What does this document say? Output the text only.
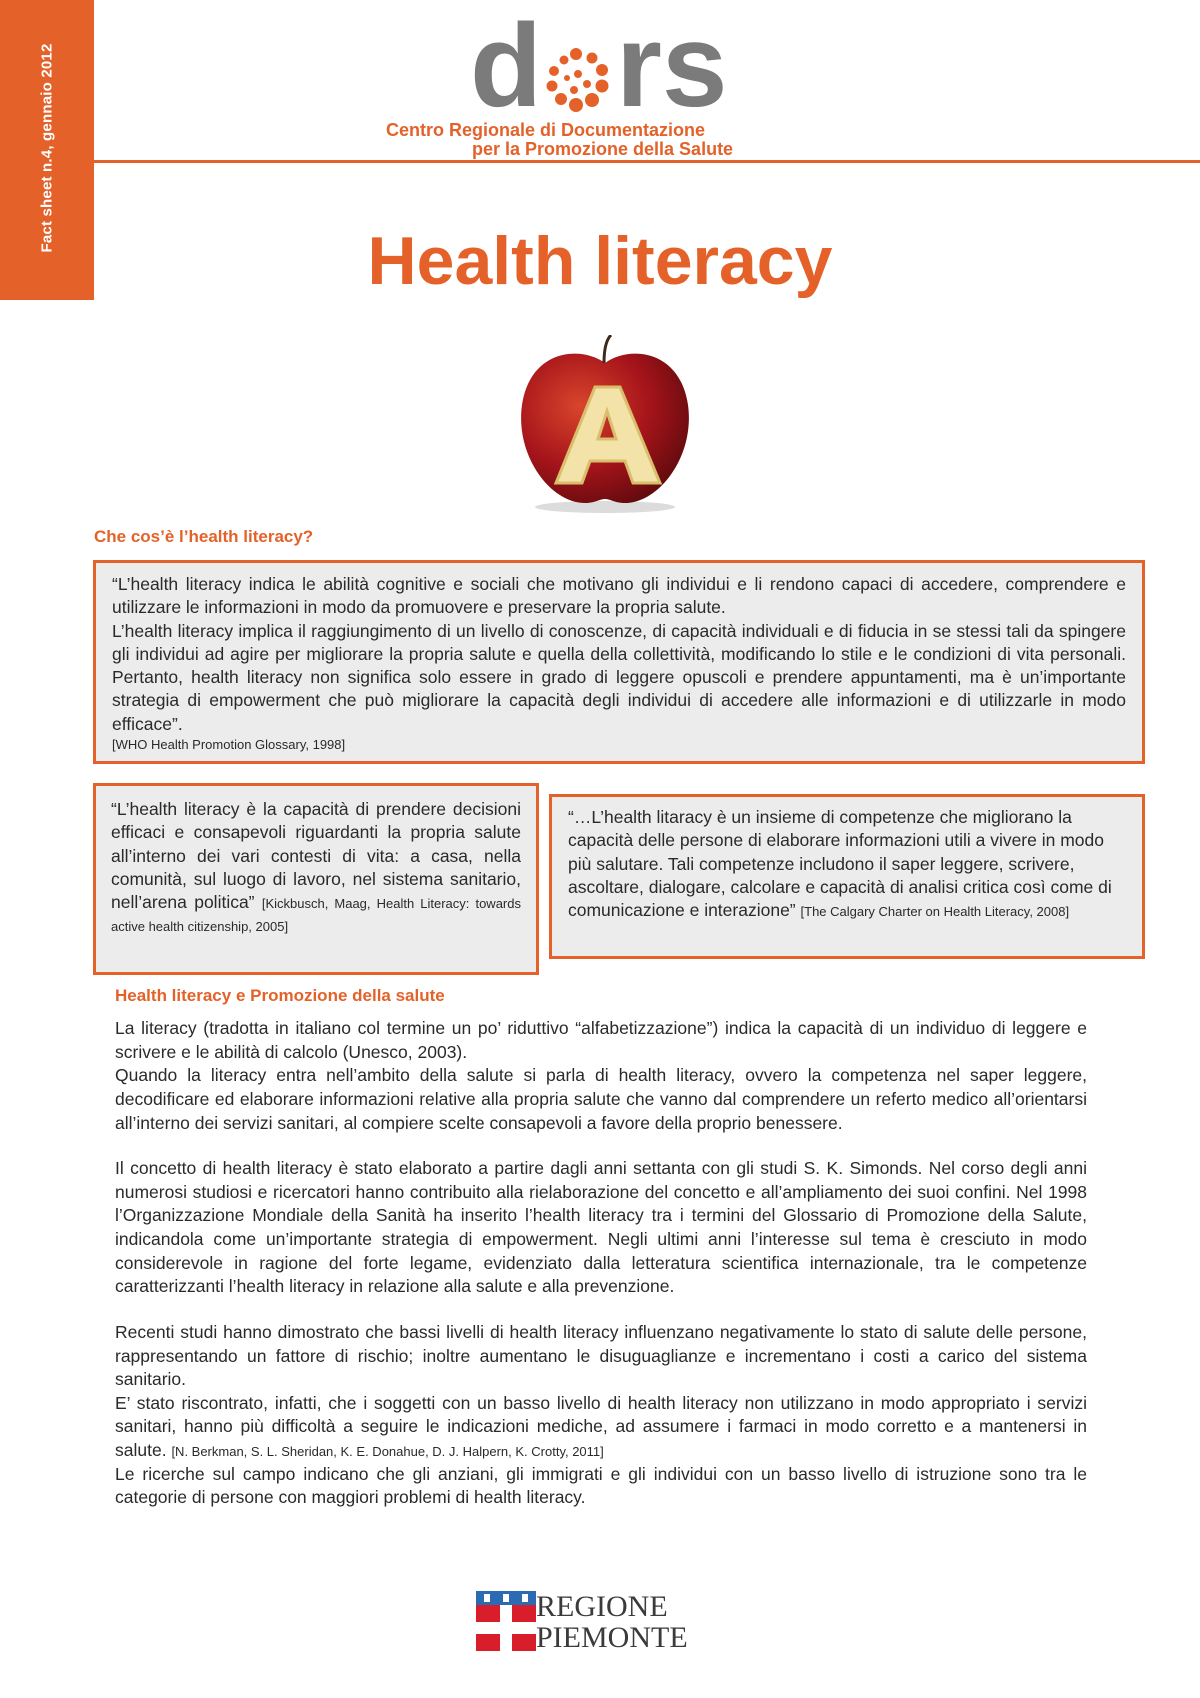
Fact sheet n.4, gennaio 2012	d rs
Centro Regionale di Documentazione
per la Promozione della Salute
Health literacy
Che cos’è l’health literacy?

“L’health literacy indica le abilità cognitive e sociali che motivano gli individui e li rendono capaci di accedere, comprendere e utilizzare le informazioni in modo da promuovere e preservare la propria salute.

L’health literacy implica il raggiungimento di un livello di conoscenze, di capacità individuali e di fiducia in se stessi tali da spingere gli individui ad agire per migliorare la propria salute e quella della collettività, modificando lo stile e le condizioni di vita personali. Pertanto, health literacy non significa solo essere in grado di leggere opuscoli e prendere appuntamenti, ma è un’importante strategia di empowerment che può migliorare la capacità degli individui di accedere alle informazioni e di utilizzarle in modo efficace”.

[WHO Health Promotion Glossary, 1998]

“L’health literacy è la capacità di prendere decisioni efficaci e consapevoli riguardanti la propria salute all’interno dei vari contesti di vita: a casa, nella comunità, sul luogo di lavoro, nel sistema sanitario, nell’arena politica” [Kickbusch, Maag, Health Literacy: towards active health citizenship, 2005]

“…L’health litaracy è un insieme di competenze che migliorano la capacità delle persone di elaborare informazioni utili a vivere in modo più salutare. Tali competenze includono il saper leggere, scrivere, ascoltare, dialogare, calcolare e capacità di analisi critica così come di comunicazione e interazione” [The Calgary Charter on Health Literacy, 2008]

Health literacy e Promozione della salute

La literacy (tradotta in italiano col termine un po’ riduttivo “alfabetizzazione”) indica la capacità di un individuo di leggere e scrivere e le abilità di calcolo (Unesco, 2003).

Quando la literacy entra nell’ambito della salute si parla di health literacy, ovvero la competenza nel saper leggere, decodificare ed elaborare informazioni relative alla propria salute che vanno dal comprendere un referto medico all’orientarsi all’interno dei servizi sanitari, al compiere scelte consapevoli a favore della proprio benessere.

Il concetto di health literacy è stato elaborato a partire dagli anni settanta con gli studi S. K. Simonds. Nel corso degli anni numerosi studiosi e ricercatori hanno contribuito alla rielaborazione del concetto e all’ampliamento dei suoi confini. Nel 1998 l’Organizzazione Mondiale della Sanità ha inserito l’health literacy tra i termini del Glossario di Promozione della Salute, indicandola come un’importante strategia di empowerment. Negli ultimi anni l’interesse sul tema è cresciuto in modo considerevole in ragione del forte legame, evidenziato dalla letteratura scientifica internazionale, tra le competenze caratterizzanti l’health literacy in relazione alla salute e alla prevenzione.

Recenti studi hanno dimostrato che bassi livelli di health literacy influenzano negativamente lo stato di salute delle persone, rappresentando un fattore di rischio; inoltre aumentano le disuguaglianze e incrementano i costi a carico del sistema sanitario.

E’ stato riscontrato, infatti, che i soggetti con un basso livello di health literacy non utilizzano in modo appropriato i servizi sanitari, hanno più difficoltà a seguire le indicazioni mediche, ad assumere i farmaci in modo corretto e a mantenersi in salute. [N. Berkman, S. L. Sheridan, K. E. Donahue, D. J. Halpern, K. Crotty, 2011]

Le ricerche sul campo indicano che gli anziani, gli immigrati e gli individui con un basso livello di istruzione sono tra le categorie di persone con maggiori problemi di health literacy.

REGIONE
PIEMONTE
